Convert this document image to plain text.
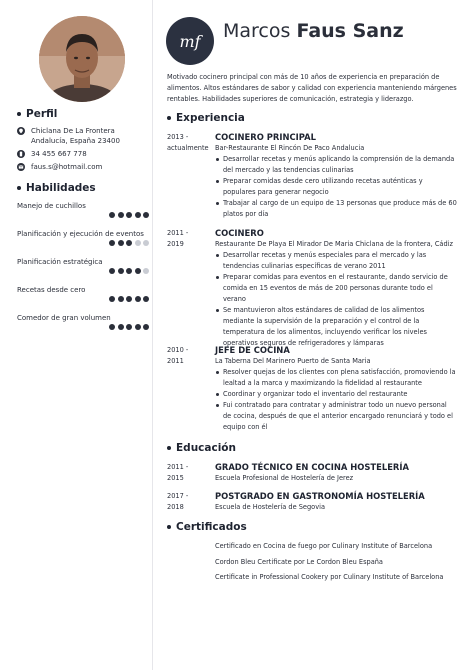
Perfil
Chiclana De La Frontera
Andalucía, España 23400
34 455 667 778
faus.s@hotmail.com
Habilidades
Manejo de cuchillos
Planificación y ejecución de eventos
Planificación estratégica
Recetas desde cero
Comedor de gran volumen
mf Marcos Faus Sanz
Motivado cocinero principal con más de 10 años de experiencia en preparación de alimentos. Altos estándares de sabor y calidad con experiencia manteniendo márgenes rentables. Habilidades superiores de comunicación, estrategia y liderazgo.
Experiencia
2013 -
actualmente
COCINERO PRINCIPAL
Bar-Restaurante El Rincón De Paco Andalucia
Desarrollar recetas y menús aplicando la comprensión de la demanda del mercado y las tendencias culinarias
Preparar comidas desde cero utilizando recetas auténticas y populares para generar negocio
Trabajar al cargo de un equipo de 13 personas que produce más de 60 platos por día
2011 -
2019
COCINERO
Restaurante De Playa El Mirador De Maria Chiclana de la frontera, Cádiz
Desarrollar recetas y menús especiales para el mercado y las tendencias culinarias específicas de verano 2011
Preparar comidas para eventos en el restaurante, dando servicio de comida en 15 eventos de más de 200 personas durante todo el verano
Se mantuvieron altos estándares de calidad de los alimentos mediante la supervisión de la preparación y el control de la temperatura de los alimentos, incluyendo verificar los niveles operativos seguros de refrigeradores y lámparas
2010 -
2011
JEFE DE COCINA
La Taberna Del Marinero Puerto de Santa Maria
Resolver quejas de los clientes con plena satisfacción, promoviendo la lealtad a la marca y maximizando la fidelidad al restaurante
Coordinar y organizar todo el inventario del restaurante
Fui contratado para contratar y administrar todo un nuevo personal de cocina, después de que el anterior encargado renunciará y todo el equipo con él
Educación
2011 -
2015
GRADO TÉCNICO EN COCINA HOSTELERÍA
Escuela Profesional de Hostelería de Jerez
2017 -
2018
POSTGRADO EN GASTRONOMÍA HOSTELERÍA
Escuela de Hostelería de Segovia
Certificados
Certificado en Cocina de fuego por Culinary Institute of Barcelona
Cordon Bleu Certificate por Le Cordon Bleu España
Certificate in Professional Cookery por Culinary Institute of Barcelona
